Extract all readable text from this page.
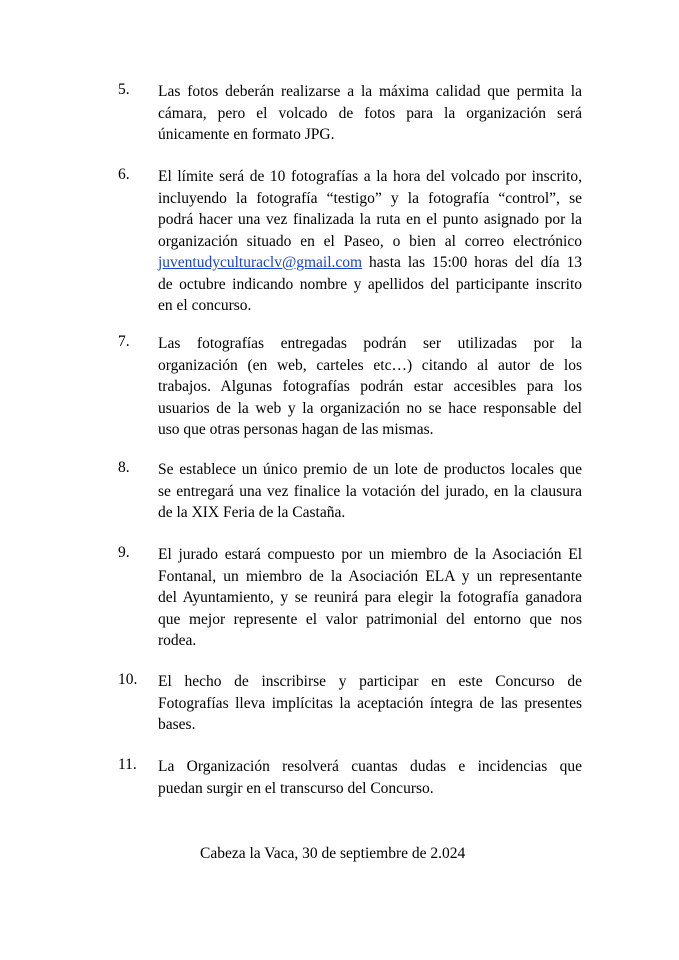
5.	Las fotos deberán realizarse a la máxima calidad que permita la
cámara, pero el volcado de fotos para la organización será
únicamente en formato JPG.
6.	El límite será de 10 fotografías a la hora del volcado por inscrito,
incluyendo la fotografía “testigo” y la fotografía “control”, se
podrá hacer una vez finalizada la ruta en el punto asignado por la
organización situado en el Paseo, o bien al correo electrónico
juventudyculturaclv@gmail.com hasta las 15:00 horas del día 13
de octubre indicando nombre y apellidos del participante inscrito
en el concurso.
7.	Las fotografías entregadas podrán ser utilizadas por la
organización (en web, carteles etc…) citando al autor de los
trabajos. Algunas fotografías podrán estar accesibles para los
usuarios de la web y la organización no se hace responsable del
uso que otras personas hagan de las mismas.
8.	Se establece un único premio de un lote de productos locales que
se entregará una vez finalice la votación del jurado, en la clausura
de la XIX Feria de la Castaña.
9.	El jurado estará compuesto por un miembro de la Asociación El
Fontanal, un miembro de la Asociación ELA y un representante
del Ayuntamiento, y se reunirá para elegir la fotografía ganadora
que mejor represente el valor patrimonial del entorno que nos
rodea.
10.	El hecho de inscribirse y participar en este Concurso de
Fotografías lleva implícitas la aceptación íntegra de las presentes
bases.
11.	La Organización resolverá cuantas dudas e incidencias que
puedan surgir en el transcurso del Concurso.
Cabeza la Vaca, 30 de septiembre de 2.024
